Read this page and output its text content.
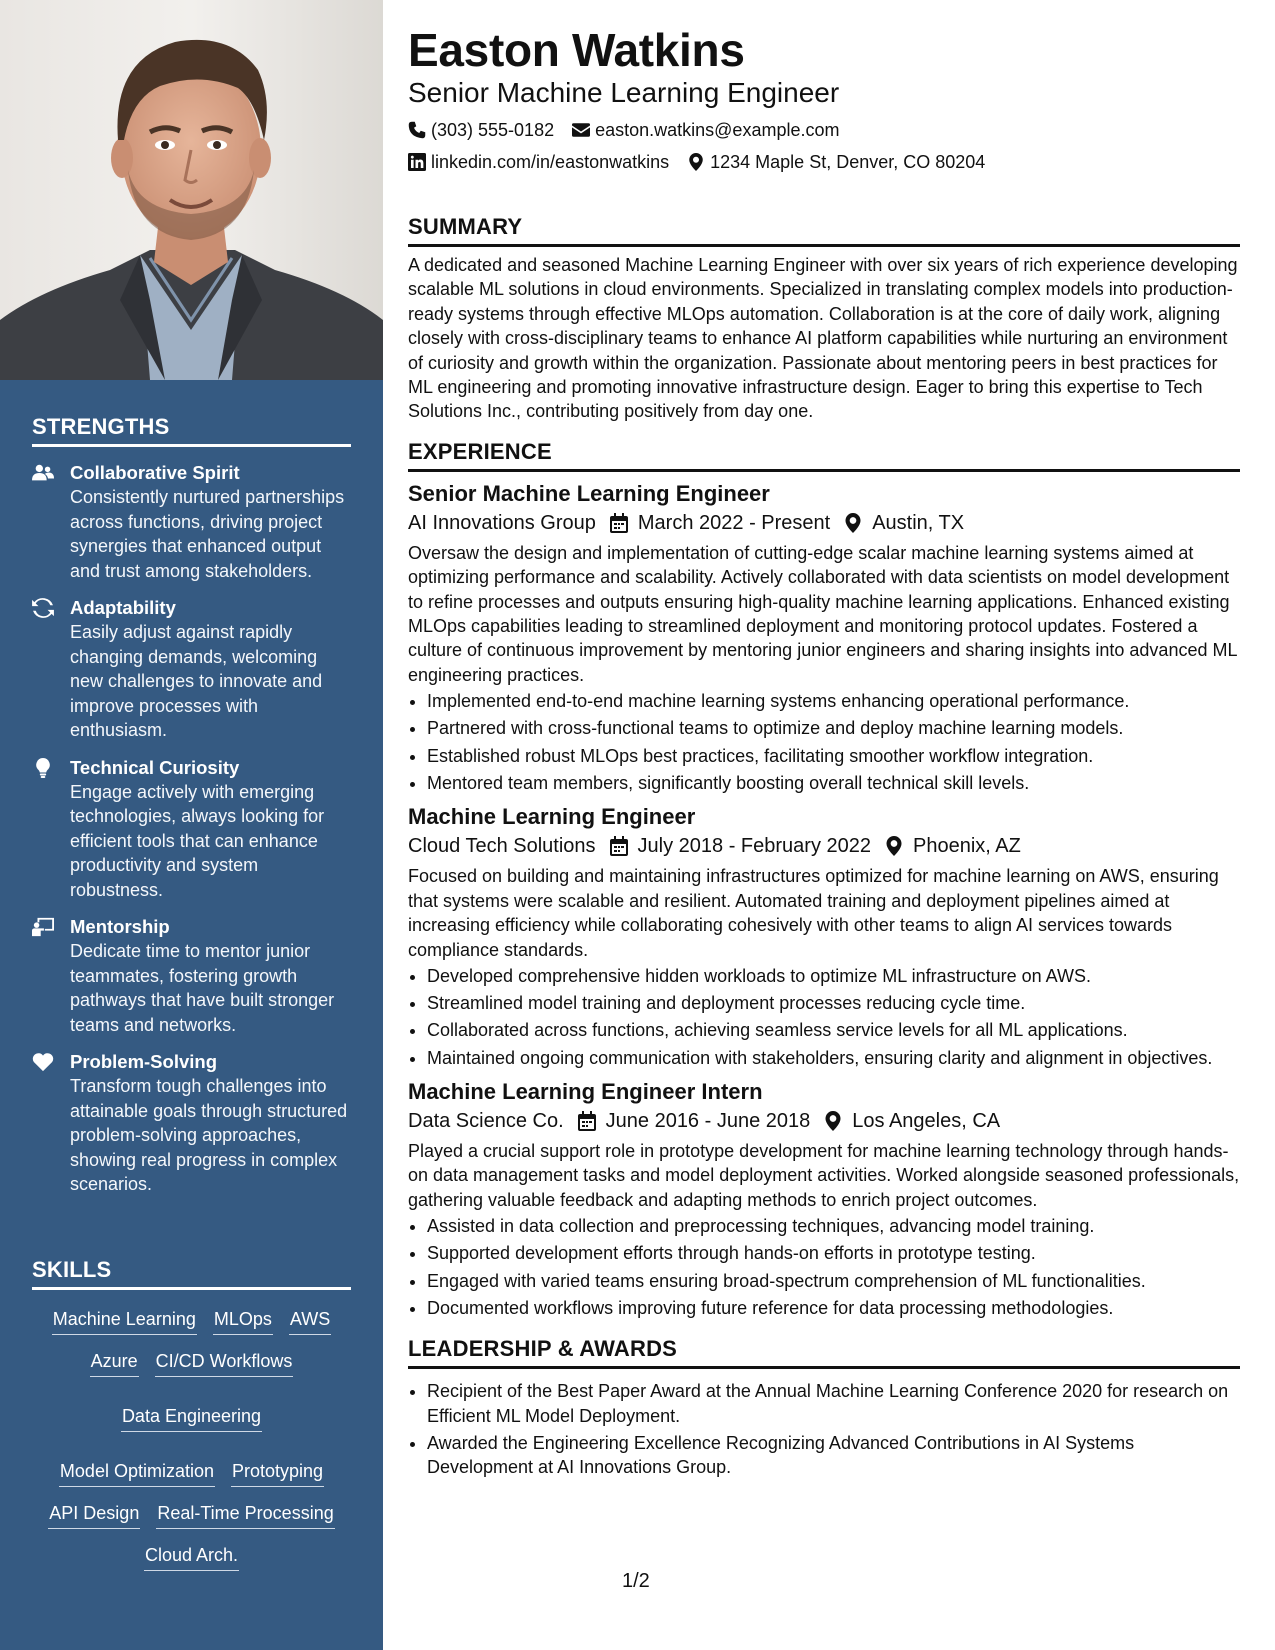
STRENGTHS
Collaborative Spirit
Consistently nurtured partnerships across functions, driving project synergies that enhanced output and trust among stakeholders.
Adaptability
Easily adjust against rapidly changing demands, welcoming new challenges to innovate and improve processes with enthusiasm.
Technical Curiosity
Engage actively with emerging technologies, always looking for efficient tools that can enhance productivity and system robustness.
Mentorship
Dedicate time to mentor junior teammates, fostering growth pathways that have built stronger teams and networks.
Problem-Solving
Transform tough challenges into attainable goals through structured problem-solving approaches, showing real progress in complex scenarios.
SKILLS
Machine Learning MLOps AWS
Azure CI/CD Workflows
Data Engineering
Model Optimization Prototyping
API Design Real-Time Processing
Cloud Arch.
Easton Watkins
Senior Machine Learning Engineer
(303) 555-0182 easton.watkins@example.com
linkedin.com/in/eastonwatkins 1234 Maple St, Denver, CO 80204
SUMMARY

A dedicated and seasoned Machine Learning Engineer with over six years of rich experience developing scalable ML solutions in cloud environments. Specialized in translating complex models into production-ready systems through effective MLOps automation. Collaboration is at the core of daily work, aligning closely with cross-disciplinary teams to enhance AI platform capabilities while nurturing an environment of curiosity and growth within the organization. Passionate about mentoring peers in best practices for ML engineering and promoting innovative infrastructure design. Eager to bring this expertise to Tech Solutions Inc., contributing positively from day one.

EXPERIENCE
Senior Machine Learning Engineer
AI Innovations Group March 2022 - Present Austin, TX

Oversaw the design and implementation of cutting-edge scalar machine learning systems aimed at optimizing performance and scalability. Actively collaborated with data scientists on model development to refine processes and outputs ensuring high-quality machine learning applications. Enhanced existing MLOps capabilities leading to streamlined deployment and monitoring protocol updates. Fostered a culture of continuous improvement by mentoring junior engineers and sharing insights into advanced ML engineering practices.

• Implemented end-to-end machine learning systems enhancing operational performance.
• Partnered with cross-functional teams to optimize and deploy machine learning models.
• Established robust MLOps best practices, facilitating smoother workflow integration.
• Mentored team members, significantly boosting overall technical skill levels.
Machine Learning Engineer
Cloud Tech Solutions July 2018 - February 2022 Phoenix, AZ

Focused on building and maintaining infrastructures optimized for machine learning on AWS, ensuring that systems were scalable and resilient. Automated training and deployment pipelines aimed at increasing efficiency while collaborating cohesively with other teams to align AI services towards compliance standards.

• Developed comprehensive hidden workloads to optimize ML infrastructure on AWS.
• Streamlined model training and deployment processes reducing cycle time.
• Collaborated across functions, achieving seamless service levels for all ML applications.
• Maintained ongoing communication with stakeholders, ensuring clarity and alignment in objectives.
Machine Learning Engineer Intern
Data Science Co. June 2016 - June 2018 Los Angeles, CA

Played a crucial support role in prototype development for machine learning technology through hands-on data management tasks and model deployment activities. Worked alongside seasoned professionals, gathering valuable feedback and adapting methods to enrich project outcomes.

• Assisted in data collection and preprocessing techniques, advancing model training.
• Supported development efforts through hands-on efforts in prototype testing.
• Engaged with varied teams ensuring broad-spectrum comprehension of ML functionalities.
• Documented workflows improving future reference for data processing methodologies.
LEADERSHIP & AWARDS
• Recipient of the Best Paper Award at the Annual Machine Learning Conference 2020 for research on Efficient ML Model Deployment.
• Awarded the Engineering Excellence Recognizing Advanced Contributions in AI Systems Development at AI Innovations Group.
1/2
